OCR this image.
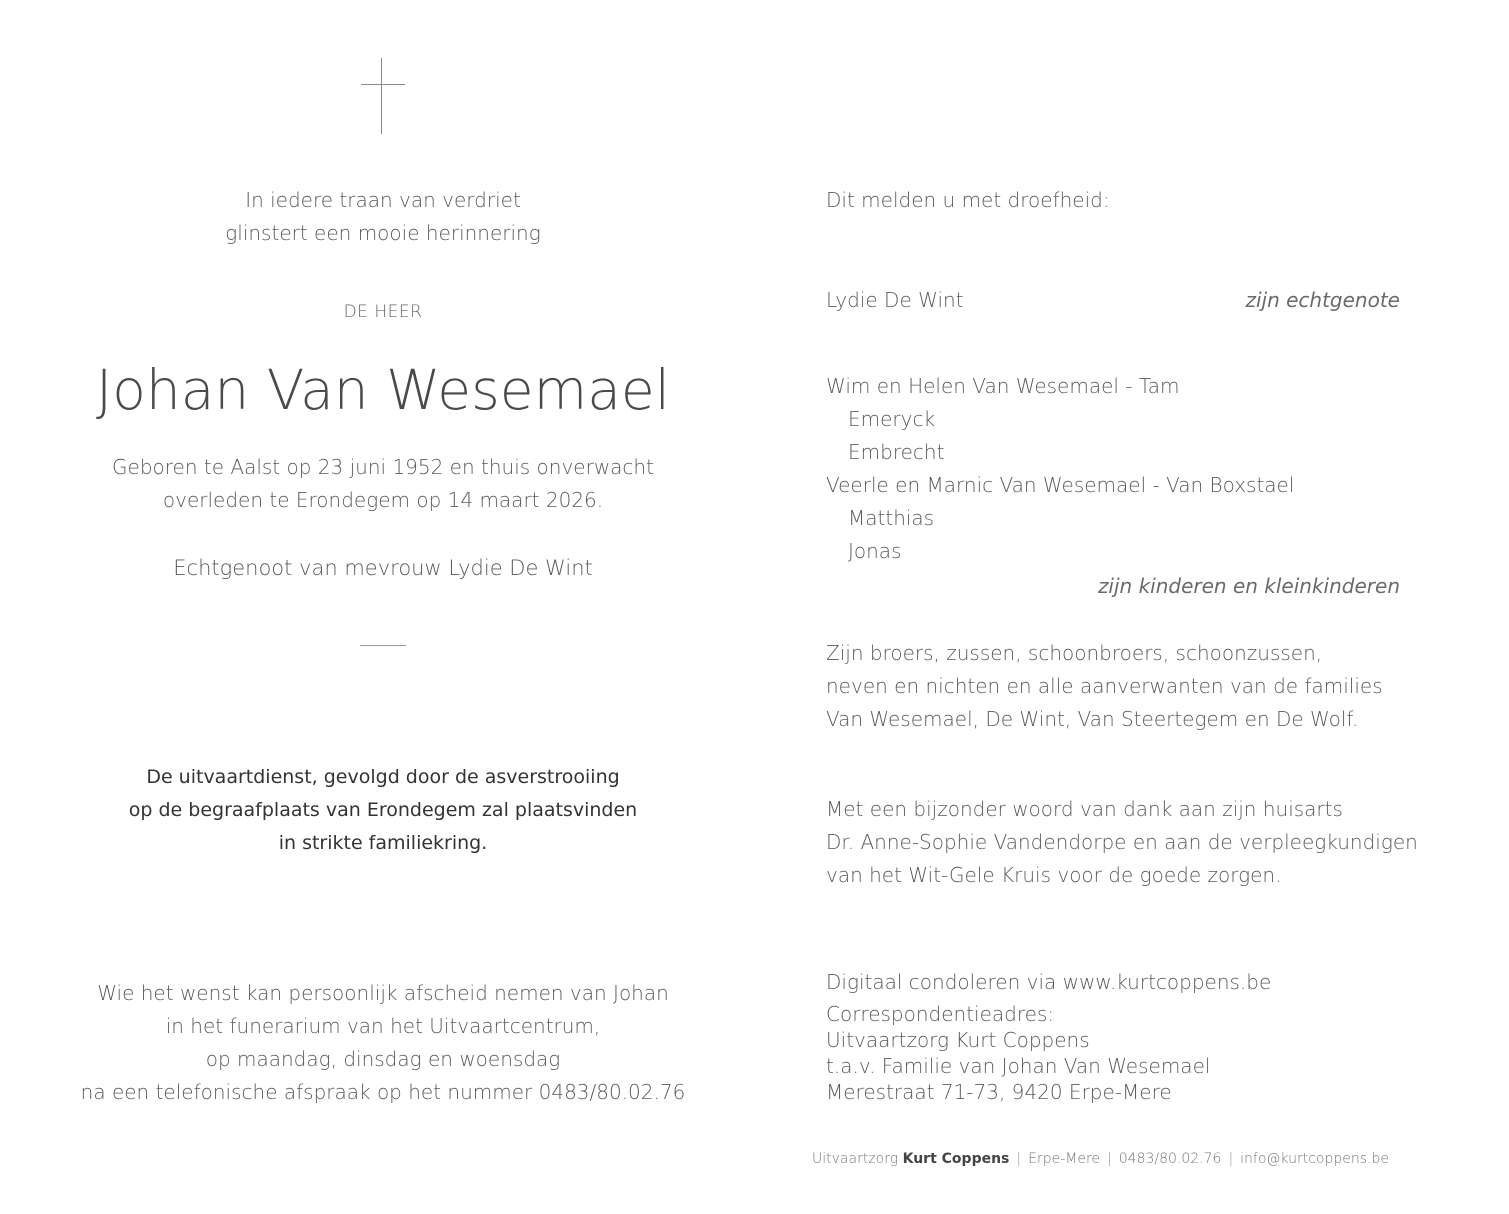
In iedere traan van verdriet
glinstert een mooie herinnering
DE HEER
Johan Van Wesemael
Geboren te Aalst op 23 juni 1952 en thuis onverwacht
overleden te Erondegem op 14 maart 2026.
Echtgenoot van mevrouw Lydie De Wint
De uitvaartdienst, gevolgd door de asverstrooiing
op de begraafplaats van Erondegem zal plaatsvinden
in strikte familiekring.
Wie het wenst kan persoonlijk afscheid nemen van Johan
in het funerarium van het Uitvaartcentrum,
op maandag, dinsdag en woensdag
na een telefonische afspraak op het nummer 0483/80.02.76
Dit melden u met droefheid:
Lydie De Wint	zijn echtgenote
Wim en Helen Van Wesemael - Tam
Emeryck
Embrecht
Veerle en Marnic Van Wesemael - Van Boxstael
Matthias
Jonas
zijn kinderen en kleinkinderen
Zijn broers, zussen, schoonbroers, schoonzussen,
neven en nichten en alle aanverwanten van de families
Van Wesemael, De Wint, Van Steertegem en De Wolf.
Met een bijzonder woord van dank aan zijn huisarts
Dr. Anne-Sophie Vandendorpe en aan de verpleegkundigen
van het Wit-Gele Kruis voor de goede zorgen.
Digitaal condoleren via www.kurtcoppens.be
Correspondentieadres:
Uitvaartzorg Kurt Coppens
t.a.v. Familie van Johan Van Wesemael
Merestraat 71-73, 9420 Erpe-Mere
Uitvaartzorg Kurt Coppens | Erpe-Mere | 0483/80.02.76 | info@kurtcoppens.be
